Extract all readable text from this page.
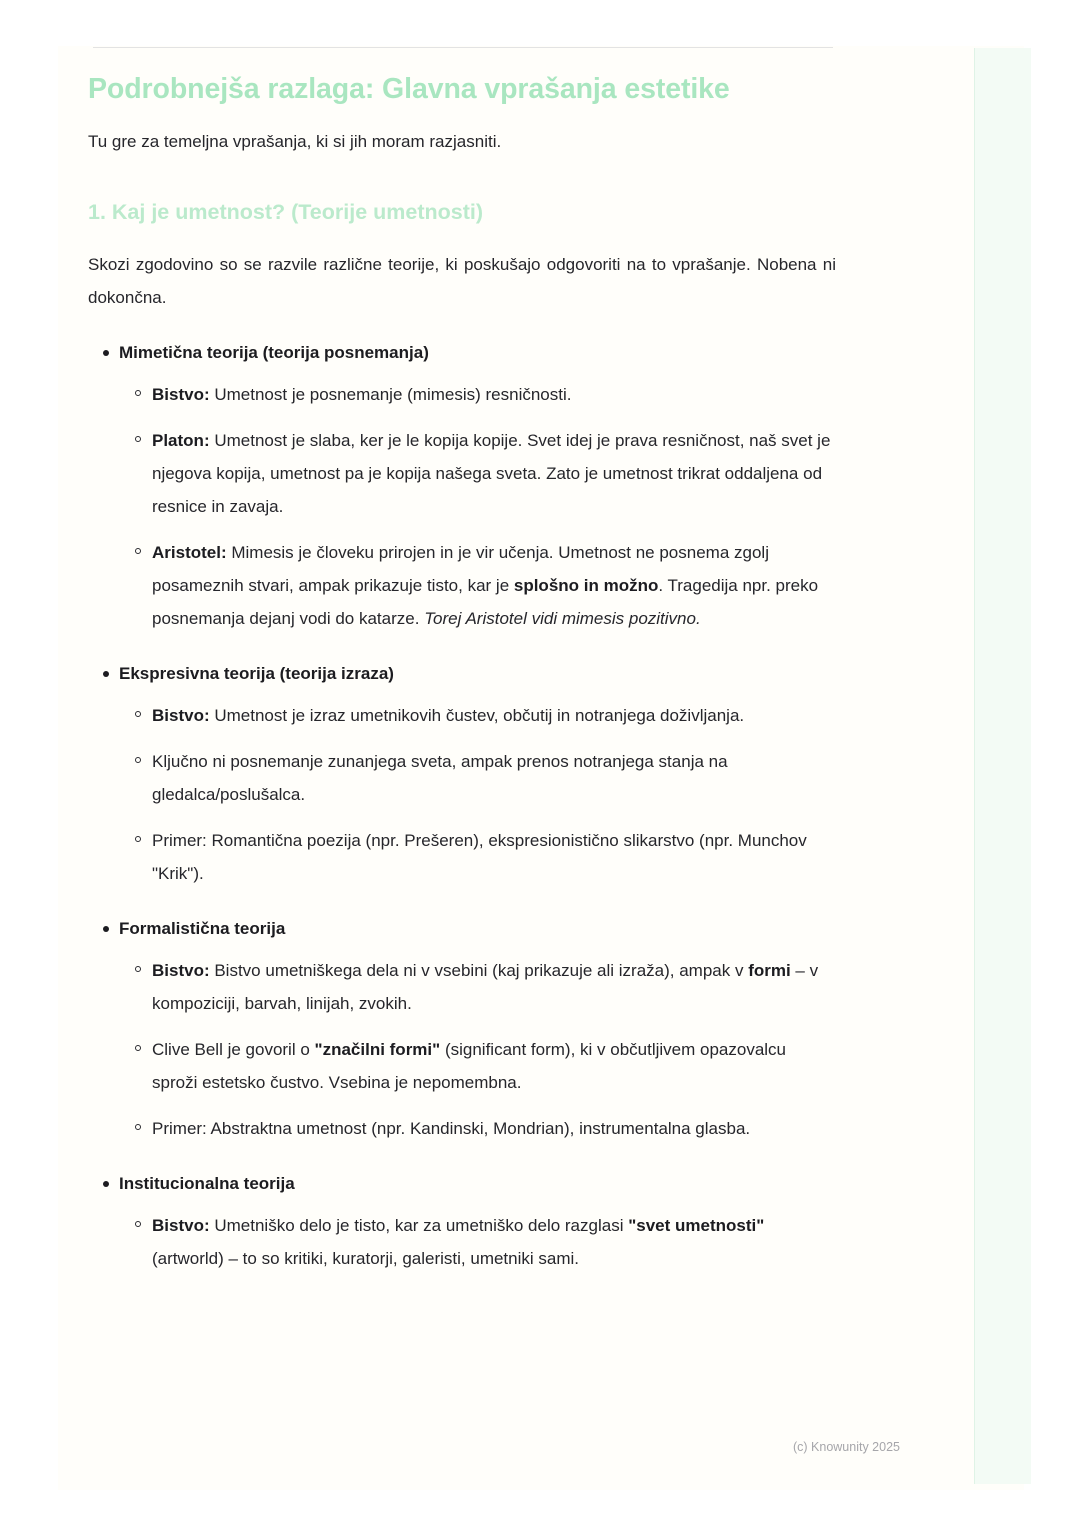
Podrobnejša razlaga: Glavna vprašanja estetike

Tu gre za temeljna vprašanja, ki si jih moram razjasniti.

1. Kaj je umetnost? (Teorije umetnosti)

Skozi zgodovino so se razvile različne teorije, ki poskušajo odgovoriti na to vprašanje. Nobena ni dokončna.

Mimetična teorija (teorija posnemanja)
Bistvo: Umetnost je posnemanje (mimesis) resničnosti.
Platon: Umetnost je slaba, ker je le kopija kopije. Svet idej je prava resničnost, naš svet je njegova kopija, umetnost pa je kopija našega sveta. Zato je umetnost trikrat oddaljena od resnice in zavaja.
Aristotel: Mimesis je človeku prirojen in je vir učenja. Umetnost ne posnema zgolj posameznih stvari, ampak prikazuje tisto, kar je splošno in možno. Tragedija npr. preko posnemanja dejanj vodi do katarze. Torej Aristotel vidi mimesis pozitivno.
Ekspresivna teorija (teorija izraza)
Bistvo: Umetnost je izraz umetnikovih čustev, občutij in notranjega doživljanja.
Ključno ni posnemanje zunanjega sveta, ampak prenos notranjega stanja na gledalca/poslušalca.
Primer: Romantična poezija (npr. Prešeren), ekspresionistično slikarstvo (npr. Munchov "Krik").
Formalistična teorija
Bistvo: Bistvo umetniškega dela ni v vsebini (kaj prikazuje ali izraža), ampak v formi – v kompoziciji, barvah, linijah, zvokih.
Clive Bell je govoril o "značilni formi" (significant form), ki v občutljivem opazovalcu sproži estetsko čustvo. Vsebina je nepomembna.
Primer: Abstraktna umetnost (npr. Kandinski, Mondrian), instrumentalna glasba.
Institucionalna teorija
Bistvo: Umetniško delo je tisto, kar za umetniško delo razglasi "svet umetnosti" (artworld) – to so kritiki, kuratorji, galeristi, umetniki sami.
(c) Knowunity 2025
